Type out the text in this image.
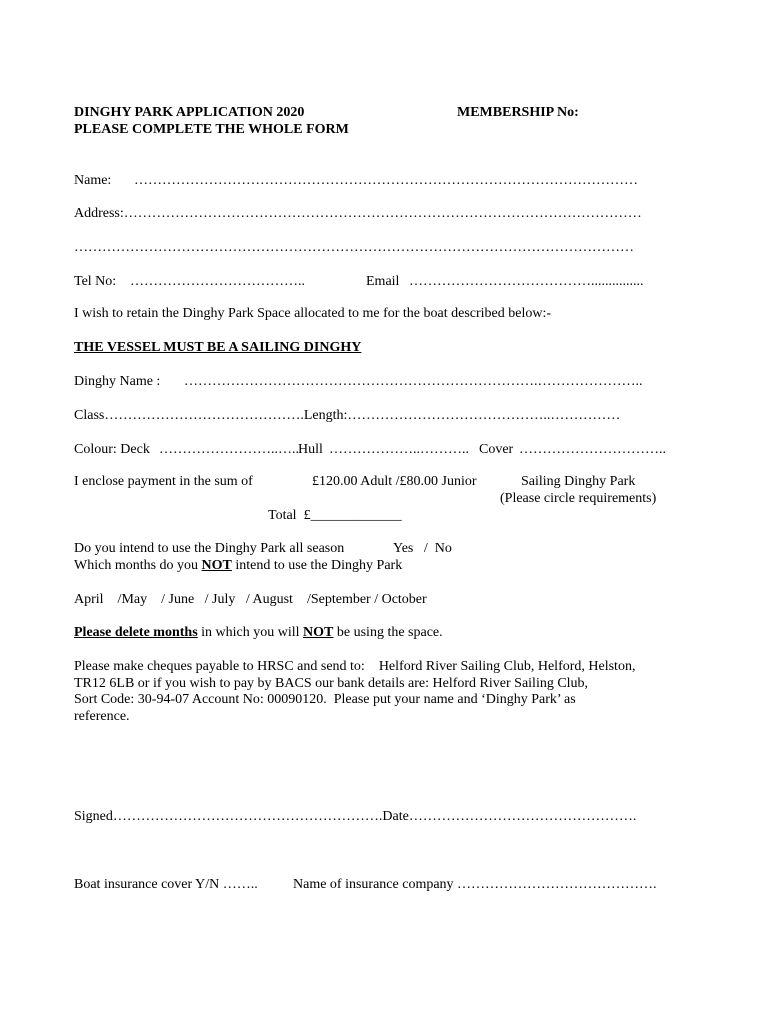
DINGHY PARK APPLICATION 2020	MEMBERSHIP No:
PLEASE COMPLETE THE WHOLE FORM
Name: ………………………………………………………………………………………………
Address:…………………………………………………………………………………………………
…………………………………………………………………………………………………………
Tel No: ………………………………..	Email …………………………………...............
I wish to retain the Dinghy Park Space allocated to me for the boat described below:-
THE VESSEL MUST BE A SAILING DINGHY
Dinghy Name : ………………………………………………………………….…………………..
Class…………………………………….Length:……………………………………..……………
Colour: Deck ……………………..….. Hull ………………..……….. Cover …………………………..
I enclose payment in the sum of	£120.00 Adult /£80.00 Junior	Sailing Dinghy Park
(Please circle requirements)
Total  £_____________
Do you intend to use the Dinghy Park all season	Yes   /  No
Which months do you NOT intend to use the Dinghy Park
April    /May    / June   / July   / August    /September / October
Please delete months in which you will NOT be using the space.
Please make cheques payable to HRSC and send to:    Helford River Sailing Club, Helford, Helston,
TR12 6LB or if you wish to pay by BACS our bank details are: Helford River Sailing Club,
Sort Code: 30-94-07 Account No: 00090120.  Please put your name and ‘Dinghy Park’ as
reference.
Signed………………………………………………….Date………………………………………….
Boat insurance cover Y/N ……..	Name of insurance company …………………………………….
